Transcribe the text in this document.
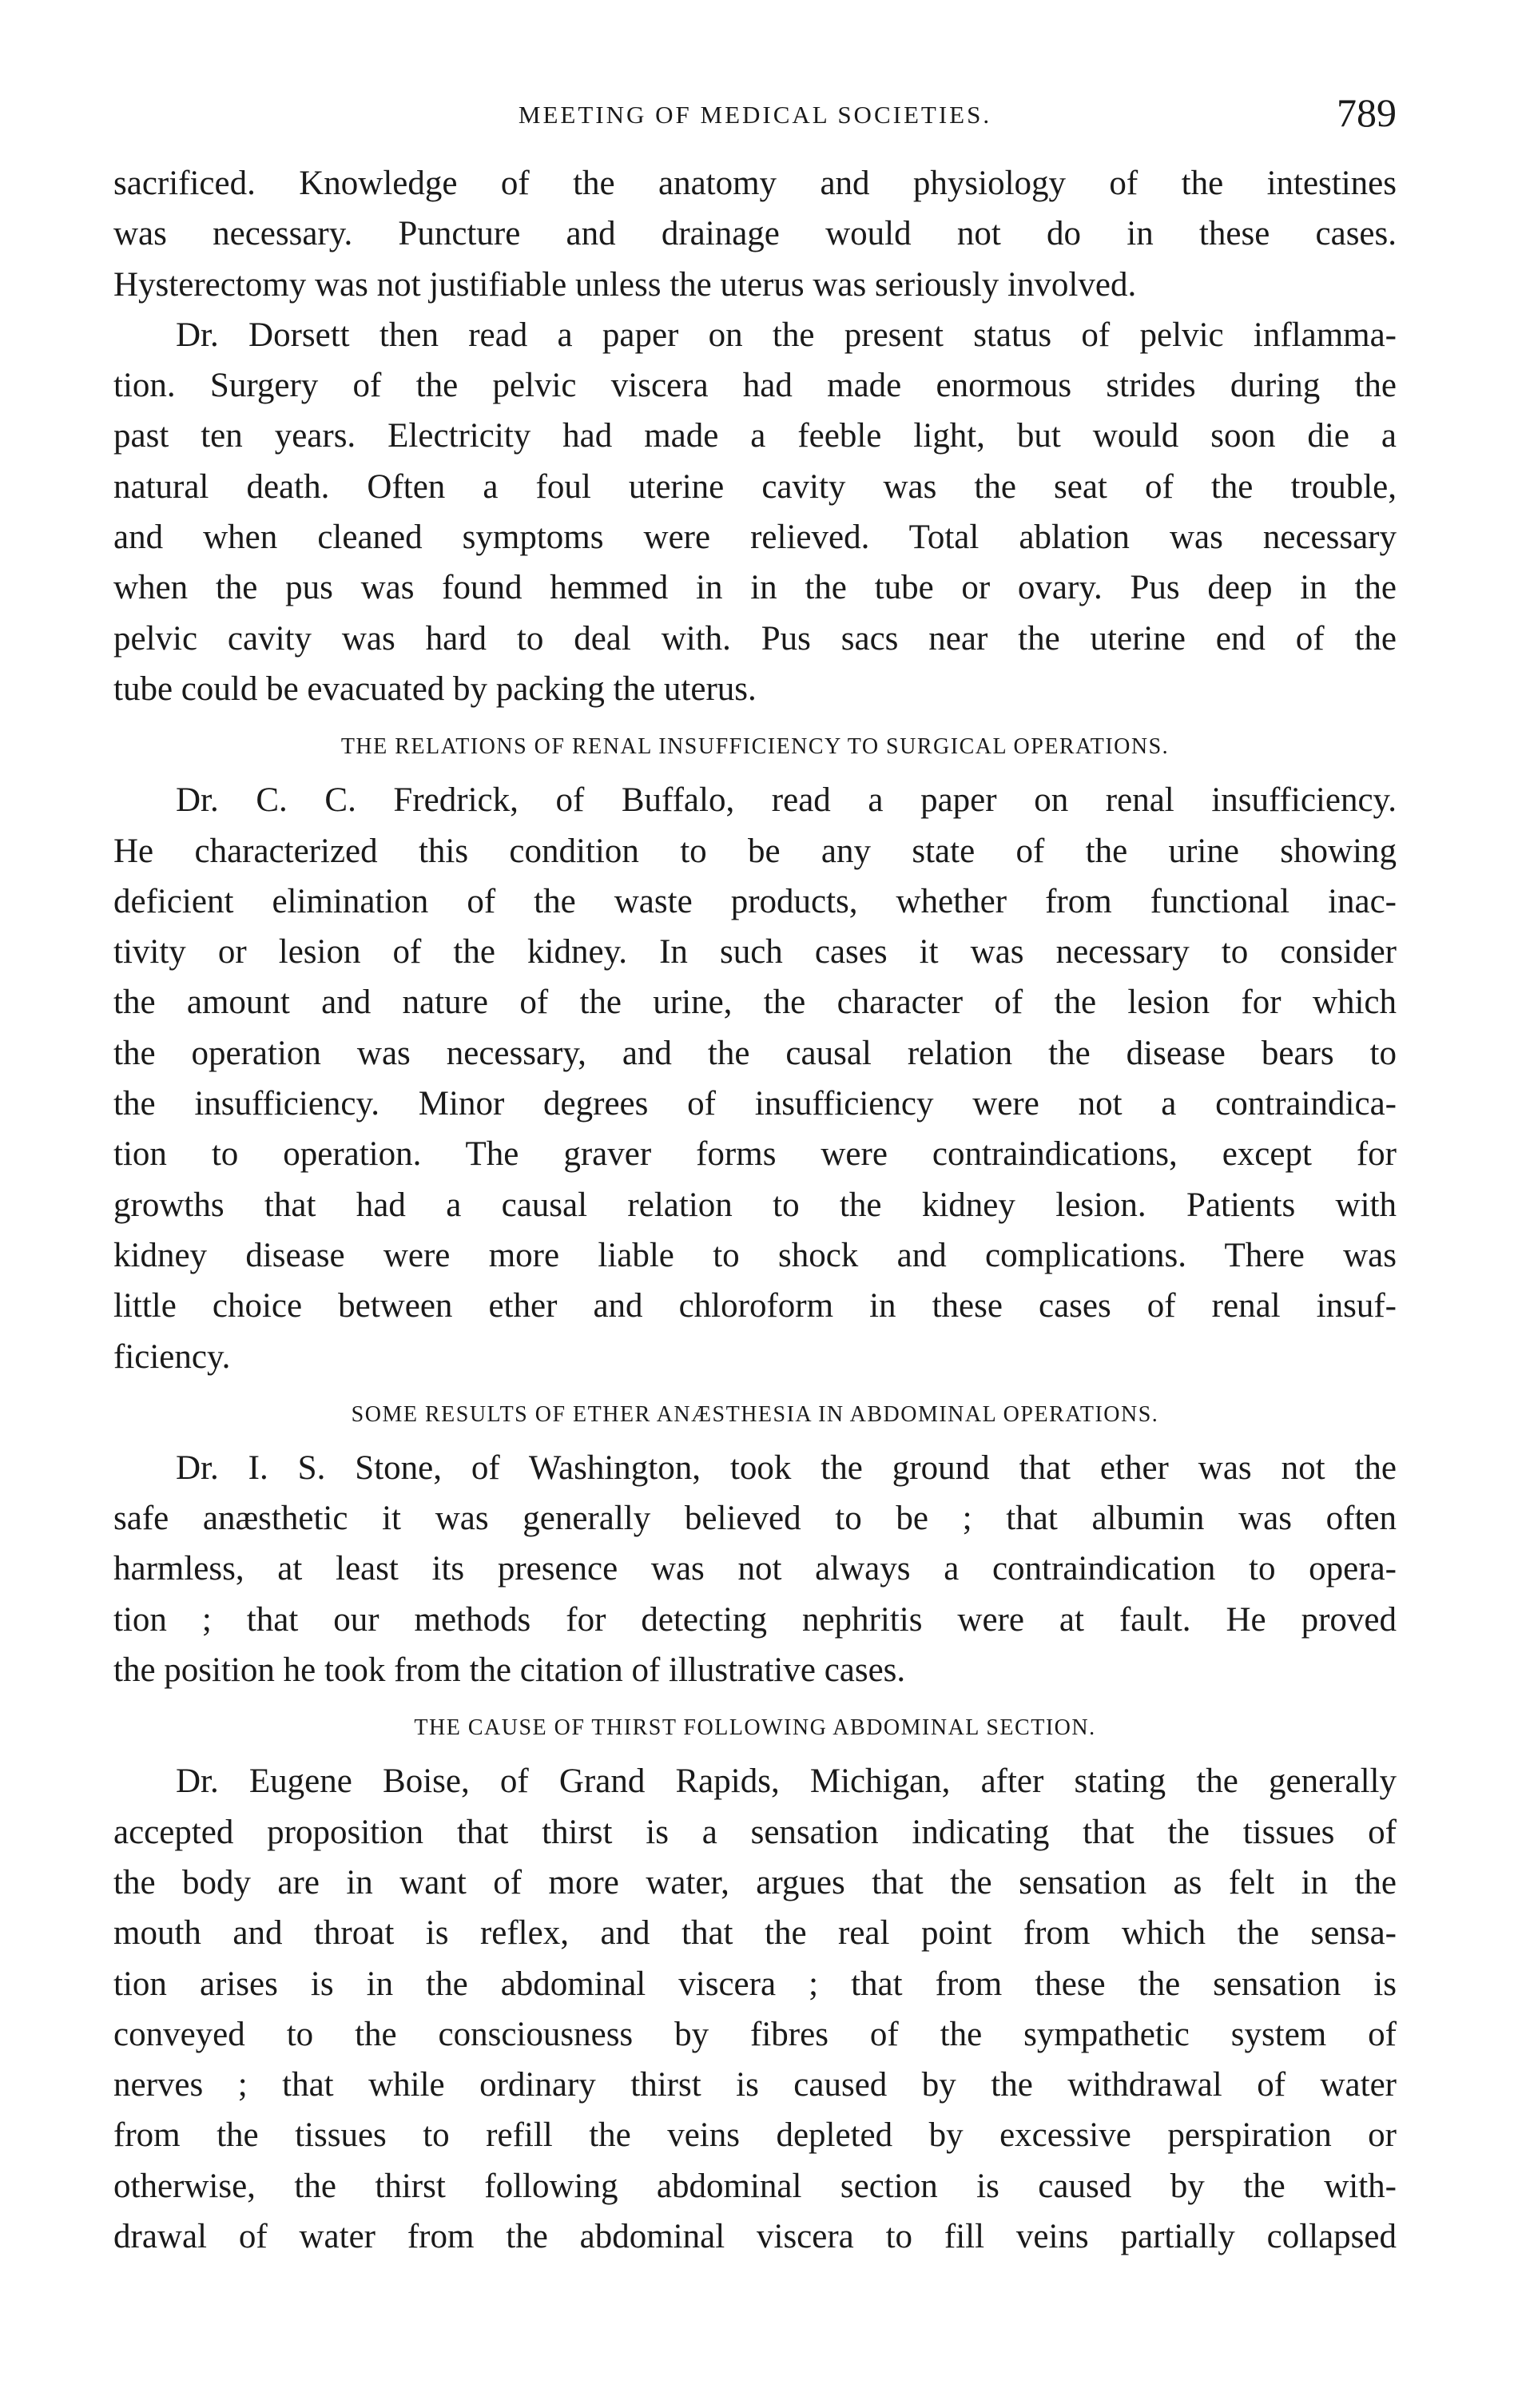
MEETING OF MEDICAL SOCIETIES.	789
sacrificed. Knowledge of the anatomy and physiology of the intestines
was necessary. Puncture and drainage would not do in these cases.
Hysterectomy was not justifiable unless the uterus was seriously involved.
Dr. Dorsett then read a paper on the present status of pelvic inflamma-
tion. Surgery of the pelvic viscera had made enormous strides during the
past ten years. Electricity had made a feeble light, but would soon die a
natural death. Often a foul uterine cavity was the seat of the trouble,
and when cleaned symptoms were relieved. Total ablation was necessary
when the pus was found hemmed in in the tube or ovary. Pus deep in the
pelvic cavity was hard to deal with. Pus sacs near the uterine end of the
tube could be evacuated by packing the uterus.
THE RELATIONS OF RENAL INSUFFICIENCY TO SURGICAL OPERATIONS.
Dr. C. C. Fredrick, of Buffalo, read a paper on renal insufficiency.
He characterized this condition to be any state of the urine showing
deficient elimination of the waste products, whether from functional inac-
tivity or lesion of the kidney. In such cases it was necessary to consider
the amount and nature of the urine, the character of the lesion for which
the operation was necessary, and the causal relation the disease bears to
the insufficiency. Minor degrees of insufficiency were not a contraindica-
tion to operation. The graver forms were contraindications, except for
growths that had a causal relation to the kidney lesion. Patients with
kidney disease were more liable to shock and complications. There was
little choice between ether and chloroform in these cases of renal insuf-
ficiency.
SOME RESULTS OF ETHER ANÆSTHESIA IN ABDOMINAL OPERATIONS.
Dr. I. S. Stone, of Washington, took the ground that ether was not the
safe anæsthetic it was generally believed to be ; that albumin was often
harmless, at least its presence was not always a contraindication to opera-
tion ; that our methods for detecting nephritis were at fault. He proved
the position he took from the citation of illustrative cases.
THE CAUSE OF THIRST FOLLOWING ABDOMINAL SECTION.
Dr. Eugene Boise, of Grand Rapids, Michigan, after stating the generally
accepted proposition that thirst is a sensation indicating that the tissues of
the body are in want of more water, argues that the sensation as felt in the
mouth and throat is reflex, and that the real point from which the sensa-
tion arises is in the abdominal viscera ; that from these the sensation is
conveyed to the consciousness by fibres of the sympathetic system of
nerves ; that while ordinary thirst is caused by the withdrawal of water
from the tissues to refill the veins depleted by excessive perspiration or
otherwise, the thirst following abdominal section is caused by the with-
drawal of water from the abdominal viscera to fill veins partially collapsed
